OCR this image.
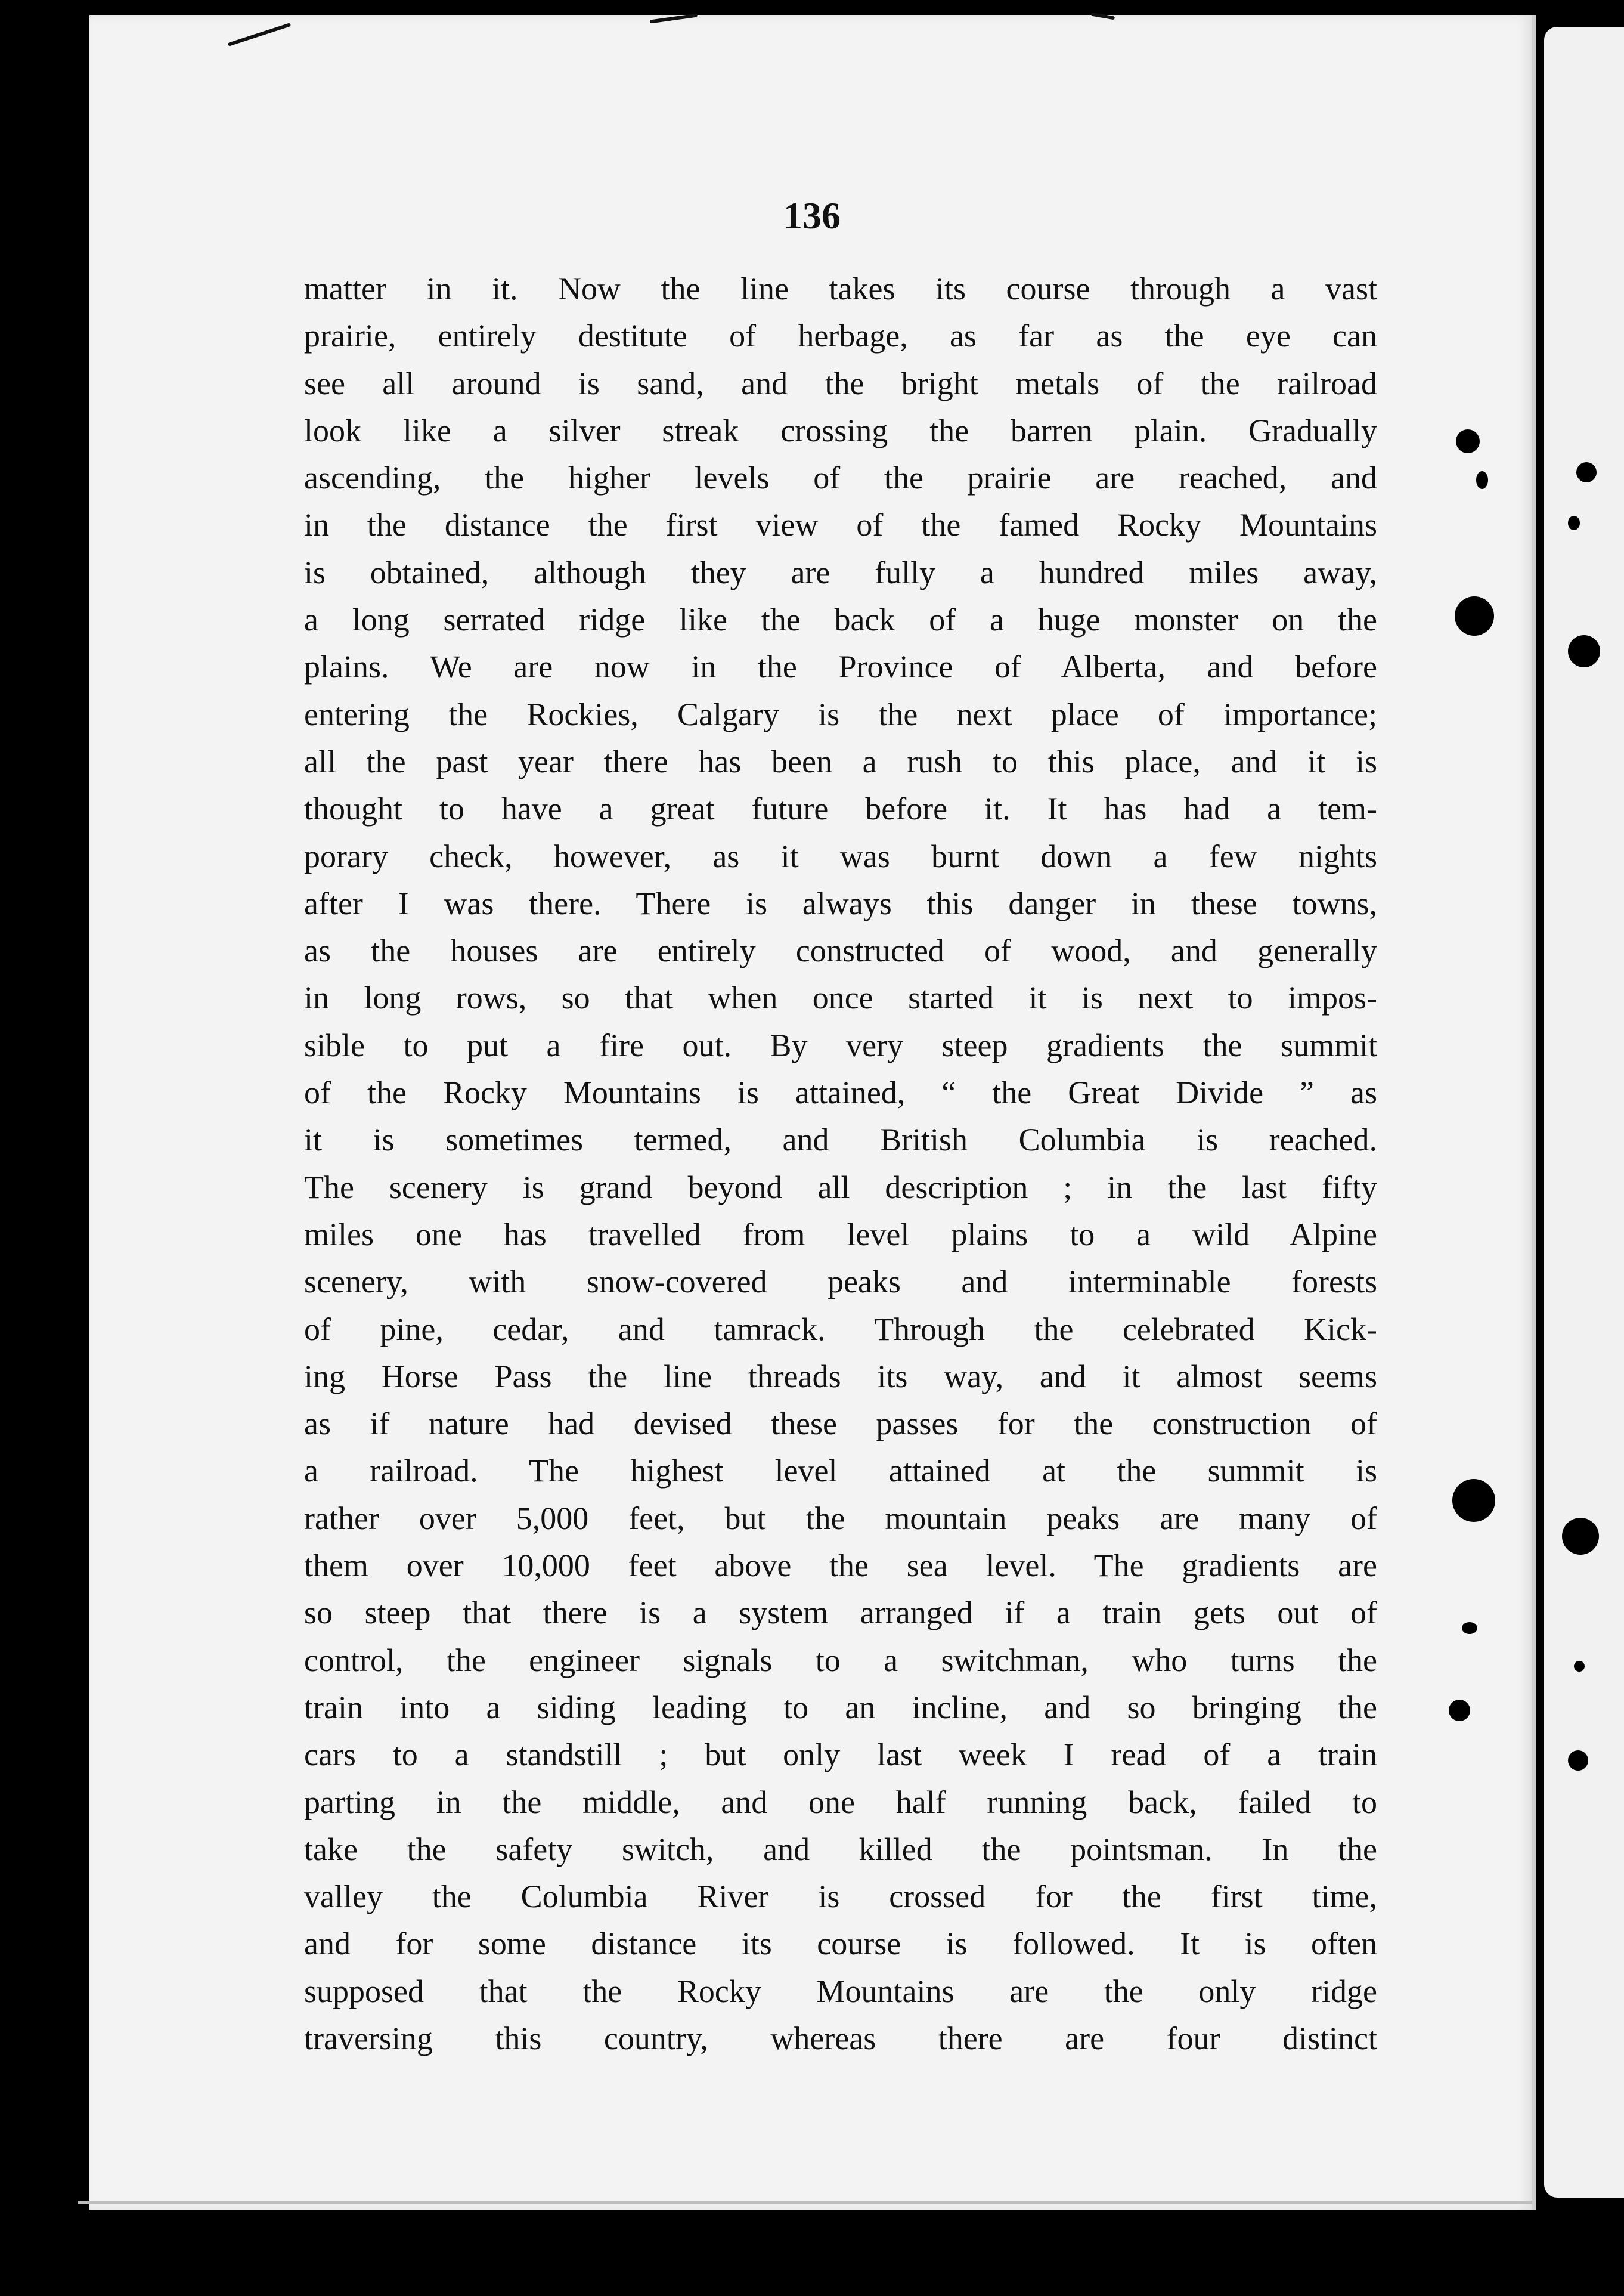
136
matter in it. Now the line takes its course through a vast
prairie, entirely destitute of herbage, as far as the eye can
see all around is sand, and the bright metals of the railroad
look like a silver streak crossing the barren plain. Gradually
ascending, the higher levels of the prairie are reached, and
in the distance the first view of the famed Rocky Mountains
is obtained, although they are fully a hundred miles away,
a long serrated ridge like the back of a huge monster on the
plains. We are now in the Province of Alberta, and before
entering the Rockies, Calgary is the next place of importance;
all the past year there has been a rush to this place, and it is
thought to have a great future before it. It has had a tem-
porary check, however, as it was burnt down a few nights
after I was there. There is always this danger in these towns,
as the houses are entirely constructed of wood, and generally
in long rows, so that when once started it is next to impos-
sible to put a fire out. By very steep gradients the summit
of the Rocky Mountains is attained, “ the Great Divide ” as
it is sometimes termed, and British Columbia is reached.
The scenery is grand beyond all description ; in the last fifty
miles one has travelled from level plains to a wild Alpine
scenery, with snow-covered peaks and interminable forests
of pine, cedar, and tamrack. Through the celebrated Kick-
ing Horse Pass the line threads its way, and it almost seems
as if nature had devised these passes for the construction of
a railroad. The highest level attained at the summit is
rather over 5,000 feet, but the mountain peaks are many of
them over 10,000 feet above the sea level. The gradients are
so steep that there is a system arranged if a train gets out of
control, the engineer signals to a switchman, who turns the
train into a siding leading to an incline, and so bringing the
cars to a standstill ; but only last week I read of a train
parting in the middle, and one half running back, failed to
take the safety switch, and killed the pointsman. In the
valley the Columbia River is crossed for the first time,
and for some distance its course is followed. It is often
supposed that the Rocky Mountains are the only ridge
traversing this country, whereas there are four distinct
